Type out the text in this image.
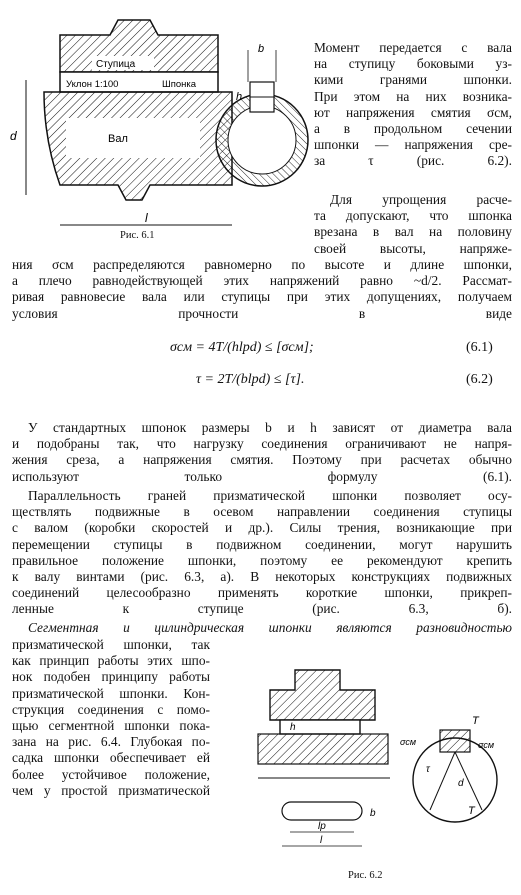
Вал
Ступица
Уклон 1:100	Шпонка
d
l
b
h
Рис. 6.1
Момент передается с вала
на ступицу боковыми уз-
кими гранями шпонки.
При этом на них возника-
ют напряжения смятия σсм,
а в продольном сечении
шпонки — напряжения сре-
за τ (рис. 6.2).
Для упрощения расче-
та допускают, что шпонка
врезана в вал на половину
своей высоты, напряже-
ния σсм распределяются равномерно по высоте и длине шпонки,
а плечо равнодействующей этих напряжений равно ~d/2. Рассмат-
ривая равновесие вала или ступицы при этих допущениях, получаем
условия прочности в виде
σсм = 4T/(hlpd) ≤ [σсм];	(6.1)
τ = 2T/(blpd) ≤ [τ].	(6.2)
У стандартных шпонок размеры b и h зависят от диаметра вала
и подобраны так, что нагрузку соединения ограничивают не напря-
жения среза, а напряжения смятия. Поэтому при расчетах обычно
используют только формулу (6.1).
Параллельность граней призматической шпонки позволяет осу-
ществлять подвижные в осевом направлении соединения ступицы
с валом (коробки скоростей и др.). Силы трения, возникающие при
перемещении ступицы в подвижном соединении, могут нарушить
правильное положение шпонки, поэтому ее рекомендуют крепить
к валу винтами (рис. 6.3, а). В некоторых конструкциях подвижных
соединений целесообразно применять короткие шпонки, прикреп-
ленные к ступице (рис. 6.3, б).
Сегментная и цилиндрическая шпонки являются разновидностью
призматической шпонки, так
как принцип работы этих шпо-
нок подобен принципу работы
призматической шпонки. Кон-
струкция соединения с помо-
щью сегментной шпонки пока-
зана на рис. 6.4. Глубокая по-
садка шпонки обеспечивает ей
более устойчивое положение,
чем у простой призматической
h
b
lp
l
T
σсм	σсм
τ
d
T
Рис. 6.2
